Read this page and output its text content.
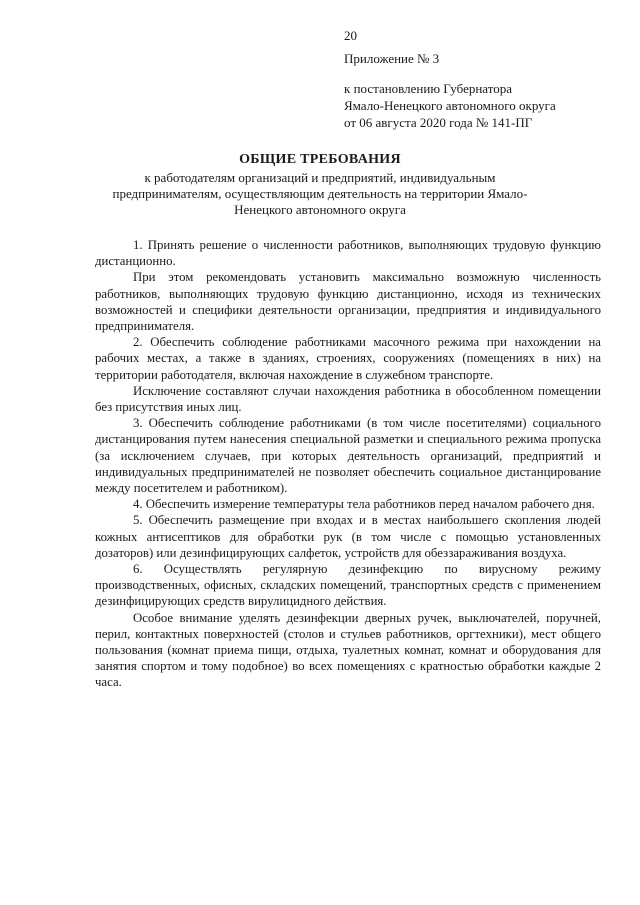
20
Приложение № 3
к постановлению Губернатора
Ямало-Ненецкого автономного округа
от 06 августа 2020 года № 141-ПГ
ОБЩИЕ ТРЕБОВАНИЯ
к работодателям организаций и предприятий, индивидуальным предпринимателям, осуществляющим деятельность на территории Ямало-Ненецкого автономного округа

1. Принять решение о численности работников, выполняющих трудовую функцию дистанционно.

При этом рекомендовать установить максимально возможную численность работников, выполняющих трудовую функцию дистанционно, исходя из технических возможностей и специфики деятельности организации, предприятия и индивидуального предпринимателя.

2. Обеспечить соблюдение работниками масочного режима при нахождении на рабочих местах, а также в зданиях, строениях, сооружениях (помещениях в них) на территории работодателя, включая нахождение в служебном транспорте.

Исключение составляют случаи нахождения работника в обособленном помещении без присутствия иных лиц.

3. Обеспечить соблюдение работниками (в том числе посетителями) социального дистанцирования путем нанесения специальной разметки и специального режима пропуска (за исключением случаев, при которых деятельность организаций, предприятий и индивидуальных предпринимателей не позволяет обеспечить социальное дистанцирование между посетителем и работником).

4. Обеспечить измерение температуры тела работников перед началом рабочего дня.

5. Обеспечить размещение при входах и в местах наибольшего скопления людей кожных антисептиков для обработки рук (в том числе с помощью установленных дозаторов) или дезинфицирующих салфеток, устройств для обеззараживания воздуха.

6. Осуществлять регулярную дезинфекцию по вирусному режиму производственных, офисных, складских помещений, транспортных средств с применением дезинфицирующих средств вирулицидного действия.

Особое внимание уделять дезинфекции дверных ручек, выключателей, поручней, перил, контактных поверхностей (столов и стульев работников, оргтехники), мест общего пользования (комнат приема пищи, отдыха, туалетных комнат, комнат и оборудования для занятия спортом и тому подобное) во всех помещениях с кратностью обработки каждые 2 часа.
